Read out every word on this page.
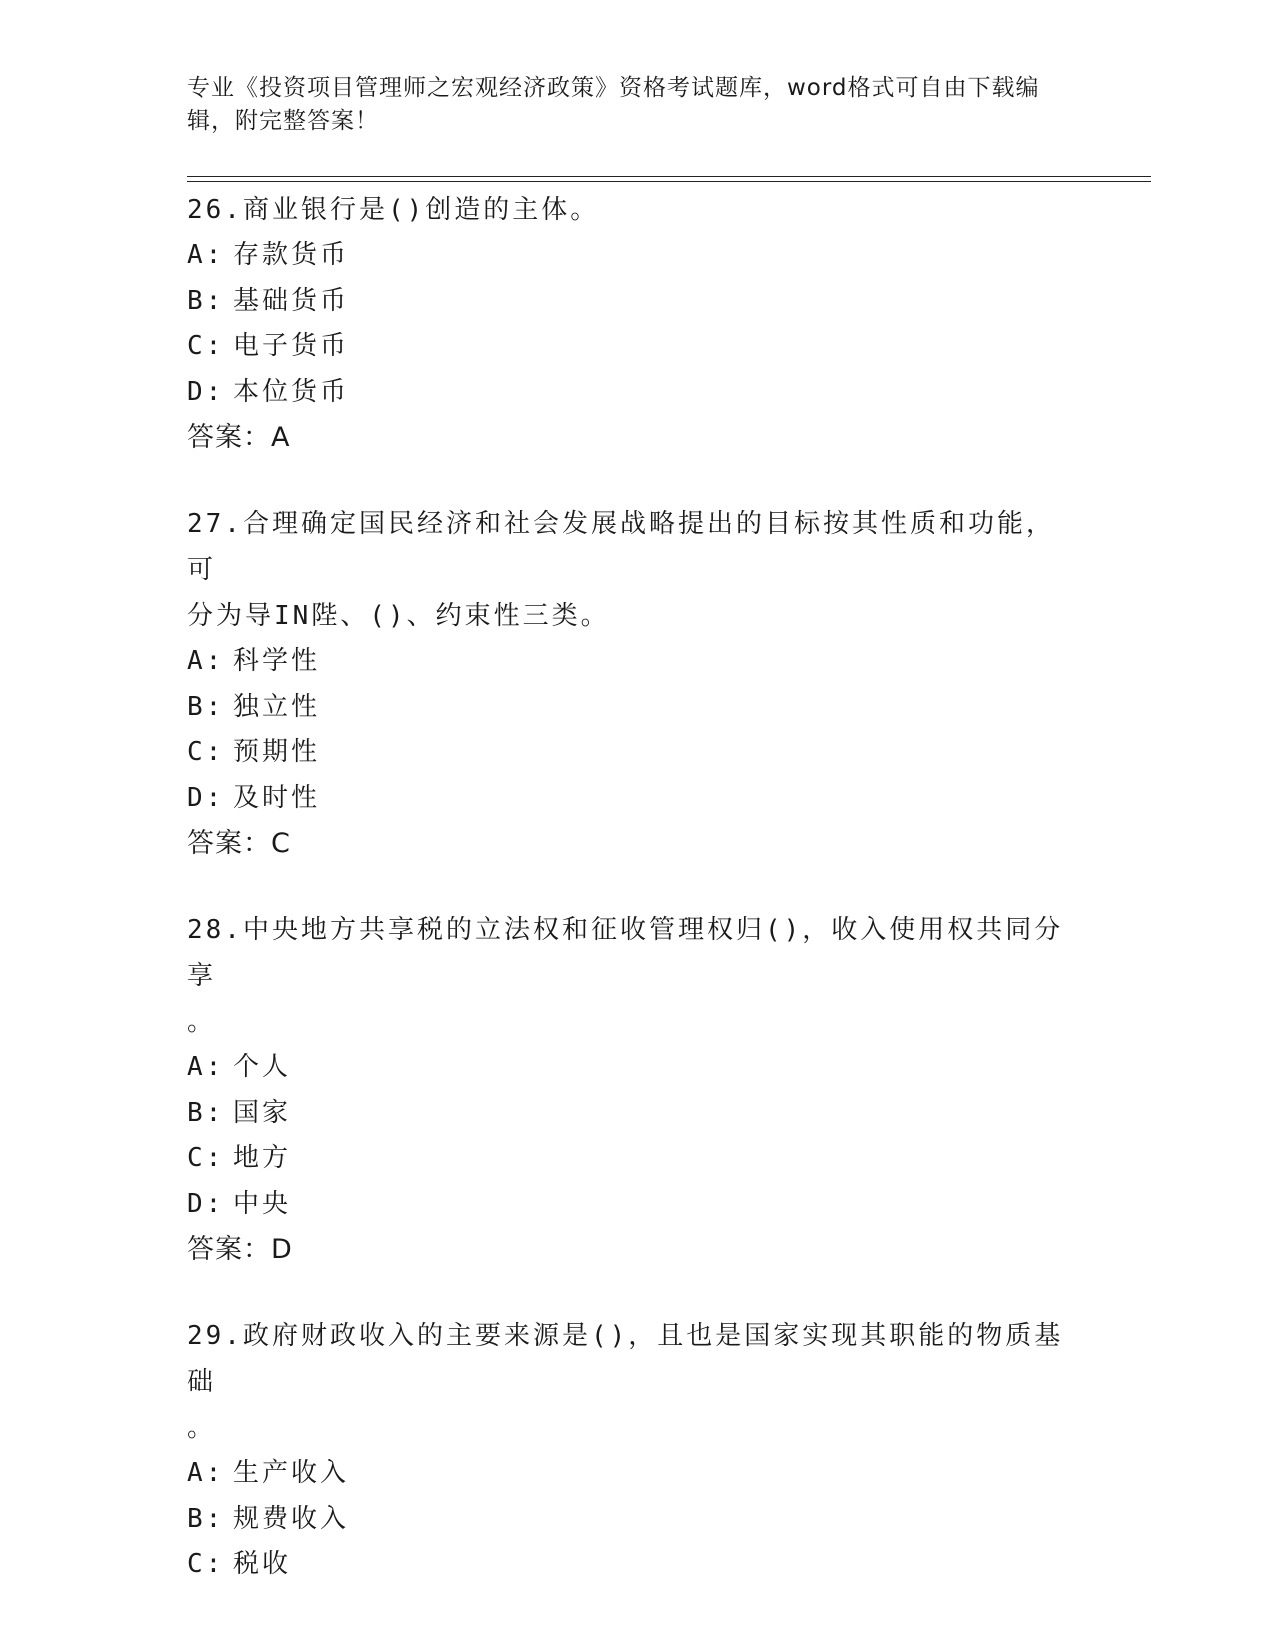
专业《投资项目管理师之宏观经济政策》资格考试题库，word格式可自由下载编
辑，附完整答案！
26.商业银行是()创造的主体。
A: 存款货币
B: 基础货币
C: 电子货币
D: 本位货币
答案：A
27.合理确定国民经济和社会发展战略提出的目标按其性质和功能，可
分为导IN陛、()、约束性三类。
A: 科学性
B: 独立性
C: 预期性
D: 及时性
答案：C
28.中央地方共享税的立法权和征收管理权归()，收入使用权共同分享
。
A: 个人
B: 国家
C: 地方
D: 中央
答案：D
29.政府财政收入的主要来源是()，且也是国家实现其职能的物质基础
。
A: 生产收入
B: 规费收入
C: 税收
